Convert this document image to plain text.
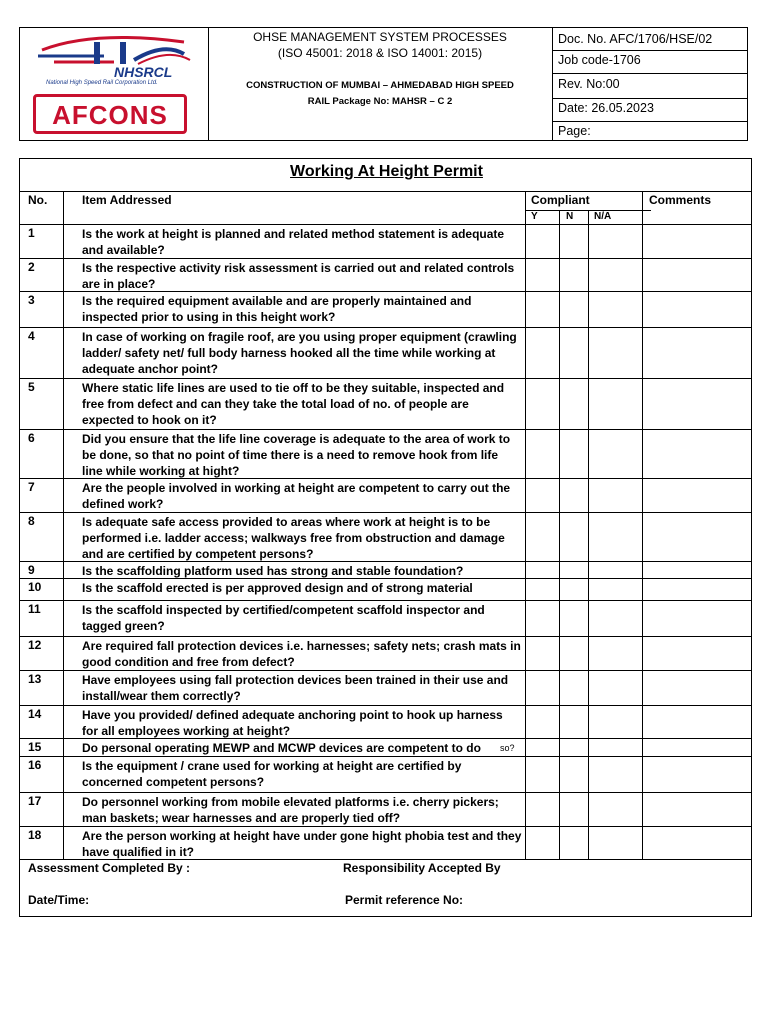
NHSRCL
National High Speed Rail Corporation Ltd.
AFCONS
OHSE MANAGEMENT SYSTEM PROCESSES
(ISO 45001: 2018 & ISO 14001: 2015)
CONSTRUCTION OF MUMBAI – AHMEDABAD HIGH SPEED
RAIL Package No: MAHSR – C 2
Doc. No. AFC/1706/HSE/02
Job code-1706
Rev. No:00
Date: 26.05.2023
Page:
Working At Height Permit
No.	Item Addressed	Compliant
Y	N N/A
Comments
1	Is the work at height is planned and related method statement is adequate and available?
2	Is the respective activity risk assessment is carried out and related controls are in place?
3	Is the required equipment available and are properly maintained and inspected prior to using in this height work?
4	In case of working on fragile roof, are you using proper equipment (crawling ladder/ safety net/ full body harness hooked all the time while working at adequate anchor point?
5	Where static life lines are used to tie off to be they suitable, inspected and free from defect and can they take the total load of no. of people are expected to hook on it?
6	Did you ensure that the life line coverage is adequate to the area of work to be done, so that no point of time there is a need to remove hook from life line while working at hight?
7	Are the people involved in working at height are competent to carry out the defined work?
8	Is adequate safe access provided to areas where work at height is to be performed i.e. ladder access; walkways free from obstruction and damage and are certified by competent persons?
9	Is the scaffolding platform used has strong and stable foundation?
10	Is the scaffold erected is per approved design and of strong material
11	Is the scaffold inspected by certified/competent scaffold inspector and tagged green?
12	Are required fall protection devices i.e. harnesses; safety nets; crash mats in good condition and free from defect?
13	Have employees using fall protection devices been trained in their use and install/wear them correctly?
14	Have you provided/ defined adequate anchoring point to hook up harness for all employees working at height?
15	Do personal operating MEWP and MCWP devices are competent to do	so?
16	Is the equipment / crane used for working at height are certified by concerned competent persons?
17	Do personnel working from mobile elevated platforms i.e. cherry pickers; man baskets; wear harnesses and are properly tied off?
18	Are the person working at height have under gone hight phobia test and they have qualified in it?
Assessment Completed By :	Responsibility Accepted By
Date/Time:	Permit reference No:
